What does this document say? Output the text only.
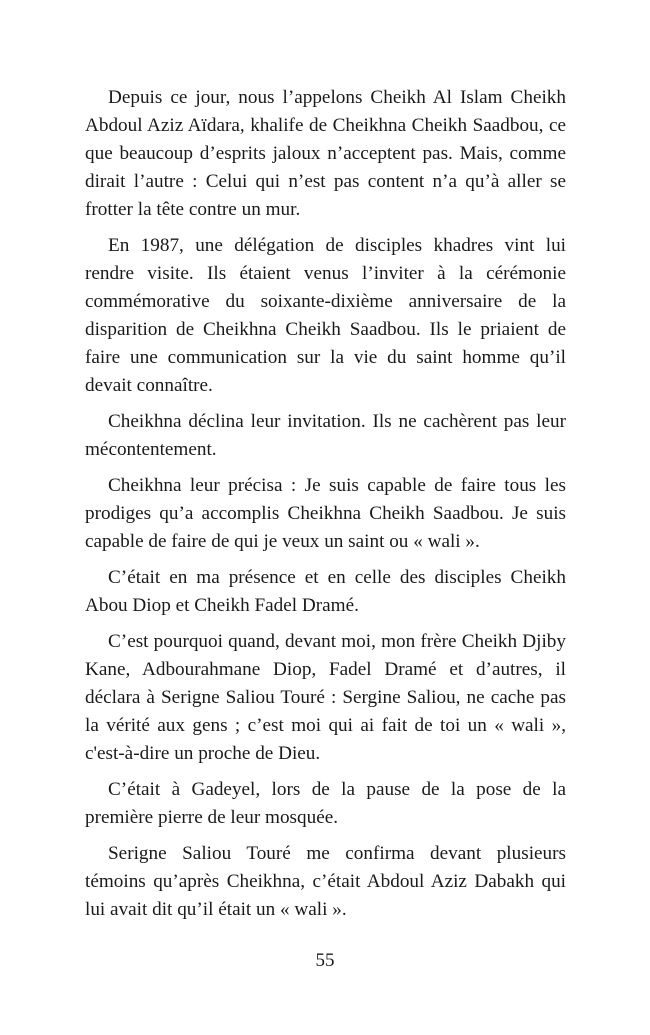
Depuis ce jour, nous l’appelons Cheikh Al Islam Cheikh Abdoul Aziz Aïdara, khalife de Cheikhna Cheikh Saadbou, ce que beaucoup d’esprits jaloux n’acceptent pas. Mais, comme dirait l’autre : Celui qui n’est pas content n’a qu’à aller se frotter la tête contre un mur.

En 1987, une délégation de disciples khadres vint lui rendre visite. Ils étaient venus l’inviter à la cérémonie commémorative du soixante-dixième anniversaire de la disparition de Cheikhna Cheikh Saadbou. Ils le priaient de faire une communication sur la vie du saint homme qu’il devait connaître.

Cheikhna déclina leur invitation. Ils ne cachèrent pas leur mécontentement.

Cheikhna leur précisa : Je suis capable de faire tous les prodiges qu’a accomplis Cheikhna Cheikh Saadbou. Je suis capable de faire de qui je veux un saint ou « wali ».

C’était en ma présence et en celle des disciples Cheikh Abou Diop et Cheikh Fadel Dramé.

C’est pourquoi quand, devant moi, mon frère Cheikh Djiby Kane, Adbourahmane Diop, Fadel Dramé et d’autres, il déclara à Serigne Saliou Touré : Sergine Saliou, ne cache pas la vérité aux gens ; c’est moi qui ai fait de toi un « wali », c'est-à-dire un proche de Dieu.

C’était à Gadeyel, lors de la pause de la pose de la première pierre de leur mosquée.

Serigne Saliou Touré me confirma devant plusieurs témoins qu’après Cheikhna, c’était Abdoul Aziz Dabakh qui lui avait dit qu’il était un « wali ».

55
